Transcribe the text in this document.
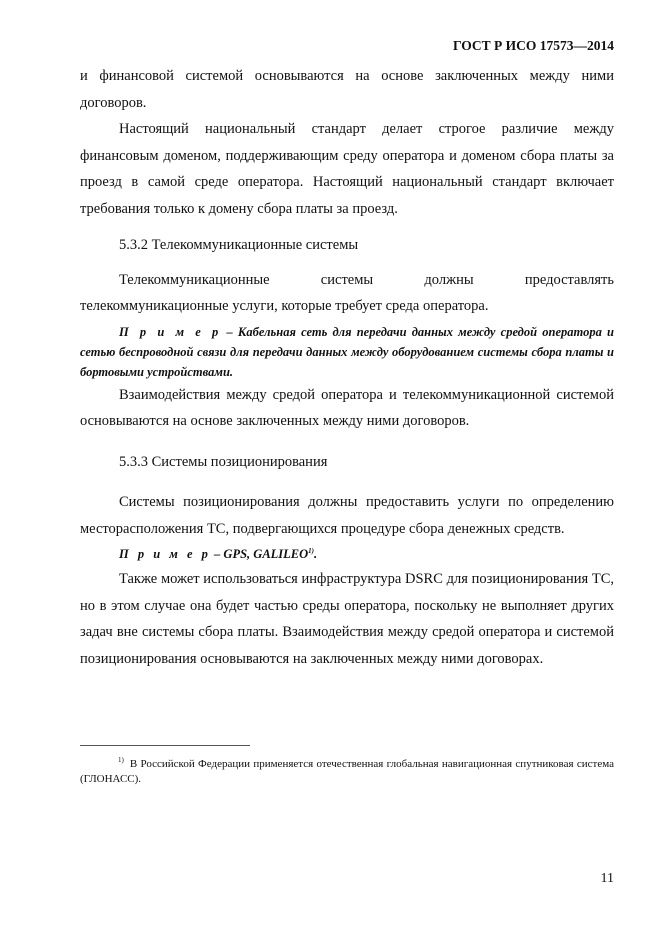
ГОСТ Р ИСО 17573—2014

и финансовой системой основываются на основе заключенных между ними договоров.

Настоящий национальный стандарт делает строгое различие между финансовым доменом, поддерживающим среду оператора и доменом сбора платы за проезд в самой среде оператора. Настоящий национальный стандарт включает требования только к домену сбора платы за проезд.

5.3.2 Телекоммуникационные системы

Телекоммуникационные системы должны предоставлять телекоммуникационные услуги, которые требует среда оператора.

П р и м е р – Кабельная сеть для передачи данных между средой оператора и сетью беспроводной связи для передачи данных между оборудованием системы сбора платы и бортовыми устройствами.

Взаимодействия между средой оператора и телекоммуникационной системой основываются на основе заключенных между ними договоров.

5.3.3 Системы позиционирования

Системы позиционирования должны предоставить услуги по определению месторасположения ТС, подвергающихся процедуре сбора денежных средств.

П р и м е р – GPS, GALILEO$^{1)}$.

Также может использоваться инфраструктура DSRC для позиционирования ТС, но в этом случае она будет частью среды оператора, поскольку не выполняет других задач вне системы сбора платы. Взаимодействия между средой оператора и системой позиционирования основываются на заключенных между ними договорах.

$^{1)}$ В Российской Федерации применяется отечественная глобальная навигационная спутниковая система (ГЛОНАСС).
11
